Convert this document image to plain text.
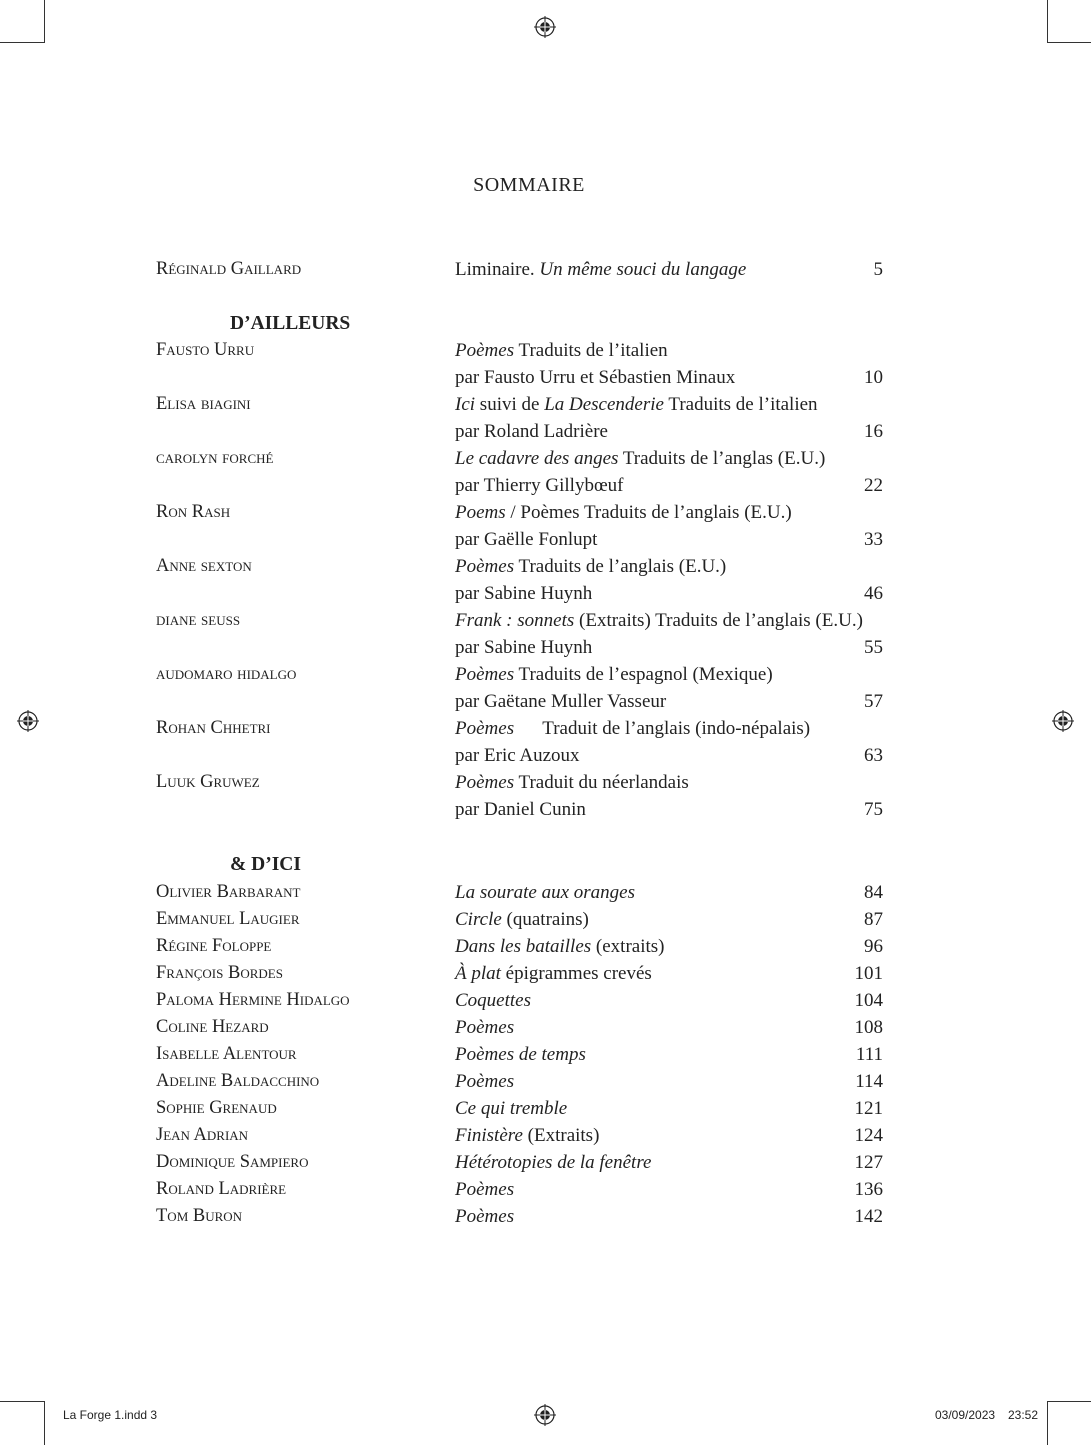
SOMMAIRE
Réginald Gaillard	Liminaire. Un même souci du langage	5
D’AILLEURS
Fausto Urru	Poèmes Traduits de l’italien
par Fausto Urru et Sébastien Minaux	10
Elisa biagini	Ici suivi de La Descenderie Traduits de l’italien
par Roland Ladrière	16
carolyn forché	Le cadavre des anges Traduits de l’anglas (E.U.)
par Thierry Gillybœuf	22
Ron Rash	Poems / Poèmes Traduits de l’anglais (E.U.)
par Gaëlle Fonlupt	33
Anne sexton	Poèmes Traduits de l’anglais (E.U.)
par Sabine Huynh	46
diane seuss	Frank : sonnets (Extraits) Traduits de l’anglais (E.U.)
par Sabine Huynh	55
audomaro hidalgo	Poèmes Traduits de l’espagnol (Mexique)
par Gaëtane Muller Vasseur	57
Rohan Chhetri	Poèmes      Traduit de l’anglais (indo-népalais)
par Eric Auzoux	63
Luuk Gruwez	Poèmes Traduit du néerlandais
par Daniel Cunin	75
& D’ICI
Olivier Barbarant	La sourate aux oranges	84
Emmanuel Laugier	Circle (quatrains)	87
Régine Foloppe	Dans les batailles (extraits)	96
François Bordes	À plat épigrammes crevés	101
Paloma Hermine Hidalgo	Coquettes	104
Coline Hezard	Poèmes	108
Isabelle Alentour	Poèmes de temps	111
Adeline Baldacchino	Poèmes	114
Sophie Grenaud	Ce qui tremble	121
Jean Adrian	Finistère (Extraits)	124
Dominique Sampiero	Hétérotopies de la fenêtre	127
Roland Ladrière	Poèmes	136
Tom Buron	Poèmes	142
La Forge 1.indd 3	03/09/2023 23:52
